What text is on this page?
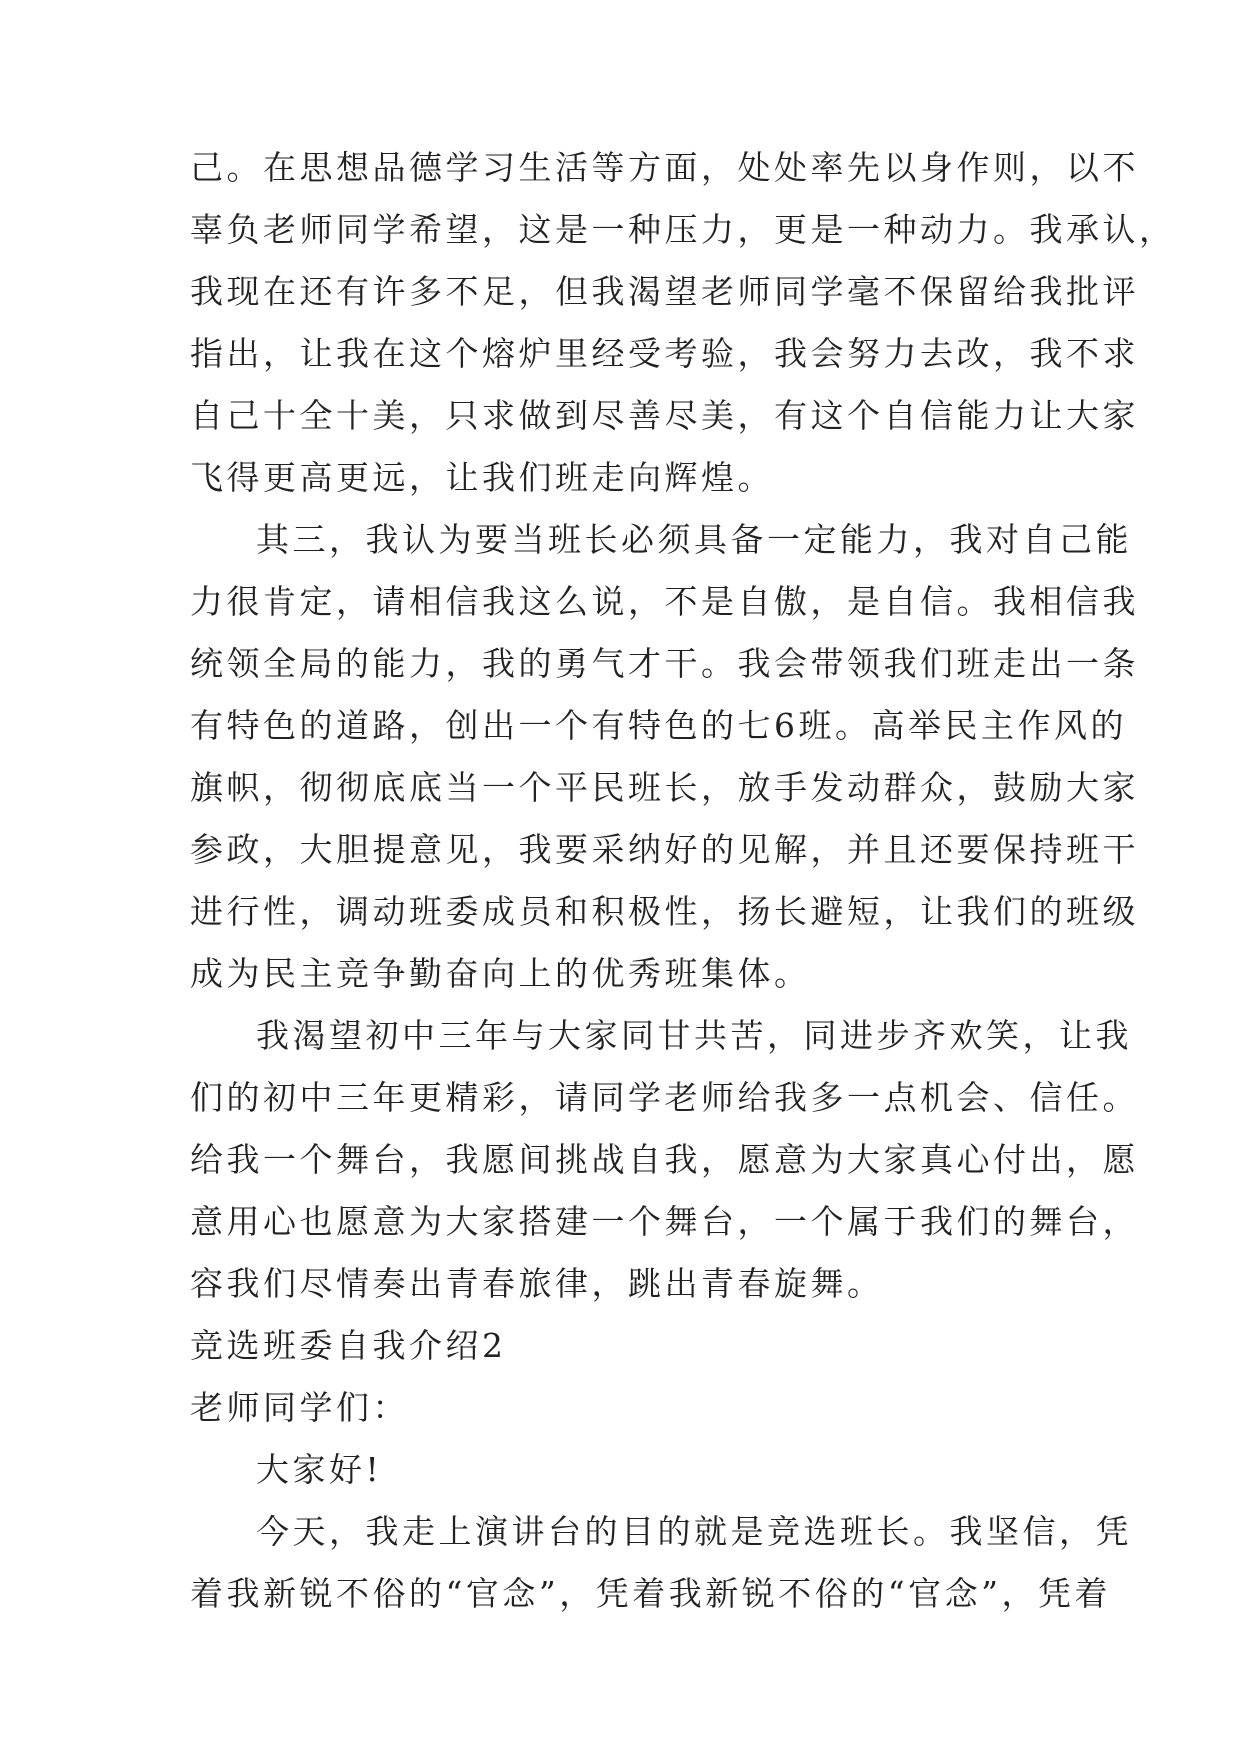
己。在思想品德学习生活等方面，处处率先以身作则，以不
辜负老师同学希望，这是一种压力，更是一种动力。我承认，
我现在还有许多不足，但我渴望老师同学毫不保留给我批评
指出，让我在这个熔炉里经受考验，我会努力去改，我不求
自己十全十美，只求做到尽善尽美，有这个自信能力让大家
飞得更高更远，让我们班走向辉煌。
其三，我认为要当班长必须具备一定能力，我对自己能
力很肯定，请相信我这么说，不是自傲，是自信。我相信我
统领全局的能力，我的勇气才干。我会带领我们班走出一条
有特色的道路，创出一个有特色的七6班。高举民主作风的
旗帜，彻彻底底当一个平民班长，放手发动群众，鼓励大家
参政，大胆提意见，我要采纳好的见解，并且还要保持班干
进行性，调动班委成员和积极性，扬长避短，让我们的班级
成为民主竞争勤奋向上的优秀班集体。
我渴望初中三年与大家同甘共苦，同进步齐欢笑，让我
们的初中三年更精彩，请同学老师给我多一点机会、信任。
给我一个舞台，我愿间挑战自我，愿意为大家真心付出，愿
意用心也愿意为大家搭建一个舞台，一个属于我们的舞台，
容我们尽情奏出青春旅律，跳出青春旋舞。
竞选班委自我介绍2
老师同学们：
大家好!
今天，我走上演讲台的目的就是竞选班长。我坚信，凭
着我新锐不俗的“官念”，凭着我新锐不俗的“官念”，凭着
